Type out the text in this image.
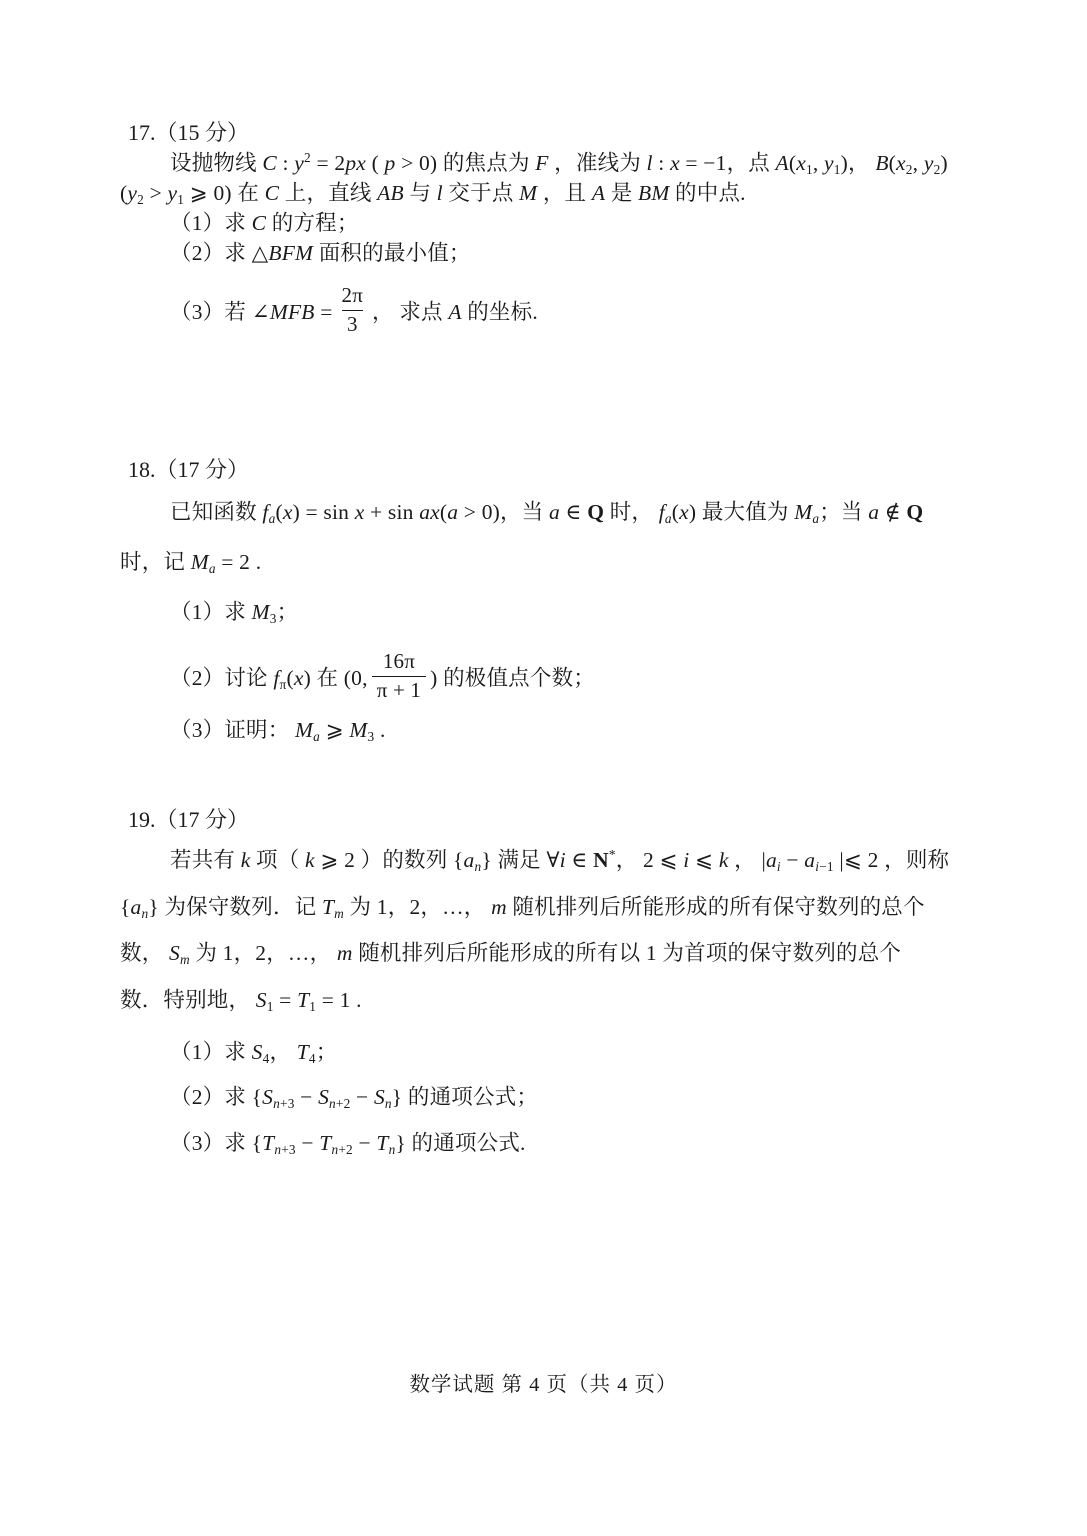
17.（15 分）
设抛物线 C : $y^2 = 2px$ ( p > 0) 的焦点为 F ，准线为 l : x = −1，点 $A(x_1$, $y_1$)， $B(x_2$, $y_2$)
($y_2 > y_1$ ⩾ 0) 在 C 上，直线 AB 与 l 交于点 M ，且 A 是 BM 的中点.
（1）求 C 的方程；
（2）求 △BFM 面积的最小值；
（3）若 ∠MFB = $\frac{2\pi}{3}$ ， 求点 A 的坐标.
18.（17 分）
已知函数 $f_a(x) = \sin x + \sin ax(a > 0)$，当 a ∈ Q 时， $f_a(x)$ 最大值为 $M_a$；当 a ∉ Q
时，记 $M_a = 2$ .
（1）求 $M_3$；
（2）讨论 $f_\pi(x)$ 在 (0, $\frac{16\pi}{\pi + 1}$ ) 的极值点个数；
（3）证明： $M_a$ ⩾ $M_3$ .
19.（17 分）
若共有 k 项（ k ⩾ 2 ）的数列 $\{a_n\}$ 满足 ∀i ∈ N*， 2 ⩽ i ⩽ k ， $|a_i - a_{i-1}$ |⩽ 2 ，则称
$\{a_n\}$ 为保守数列．记 $T_m$ 为 1，2，…， m 随机排列后所能形成的所有保守数列的总个
数， $S_m$ 为 1，2，…， m 随机排列后所能形成的所有以 1 为首项的保守数列的总个
数．特别地， $S_1 = T_1 = 1$ .
（1）求 $S_4$， $T_4$；
（2）求 $\{S_{n+3} - S_{n+2} - S_n\}$ 的通项公式；
（3）求 $\{T_{n+3} - T_{n+2} - T_n\}$ 的通项公式.
数学试题 第 4 页（共 4 页）
